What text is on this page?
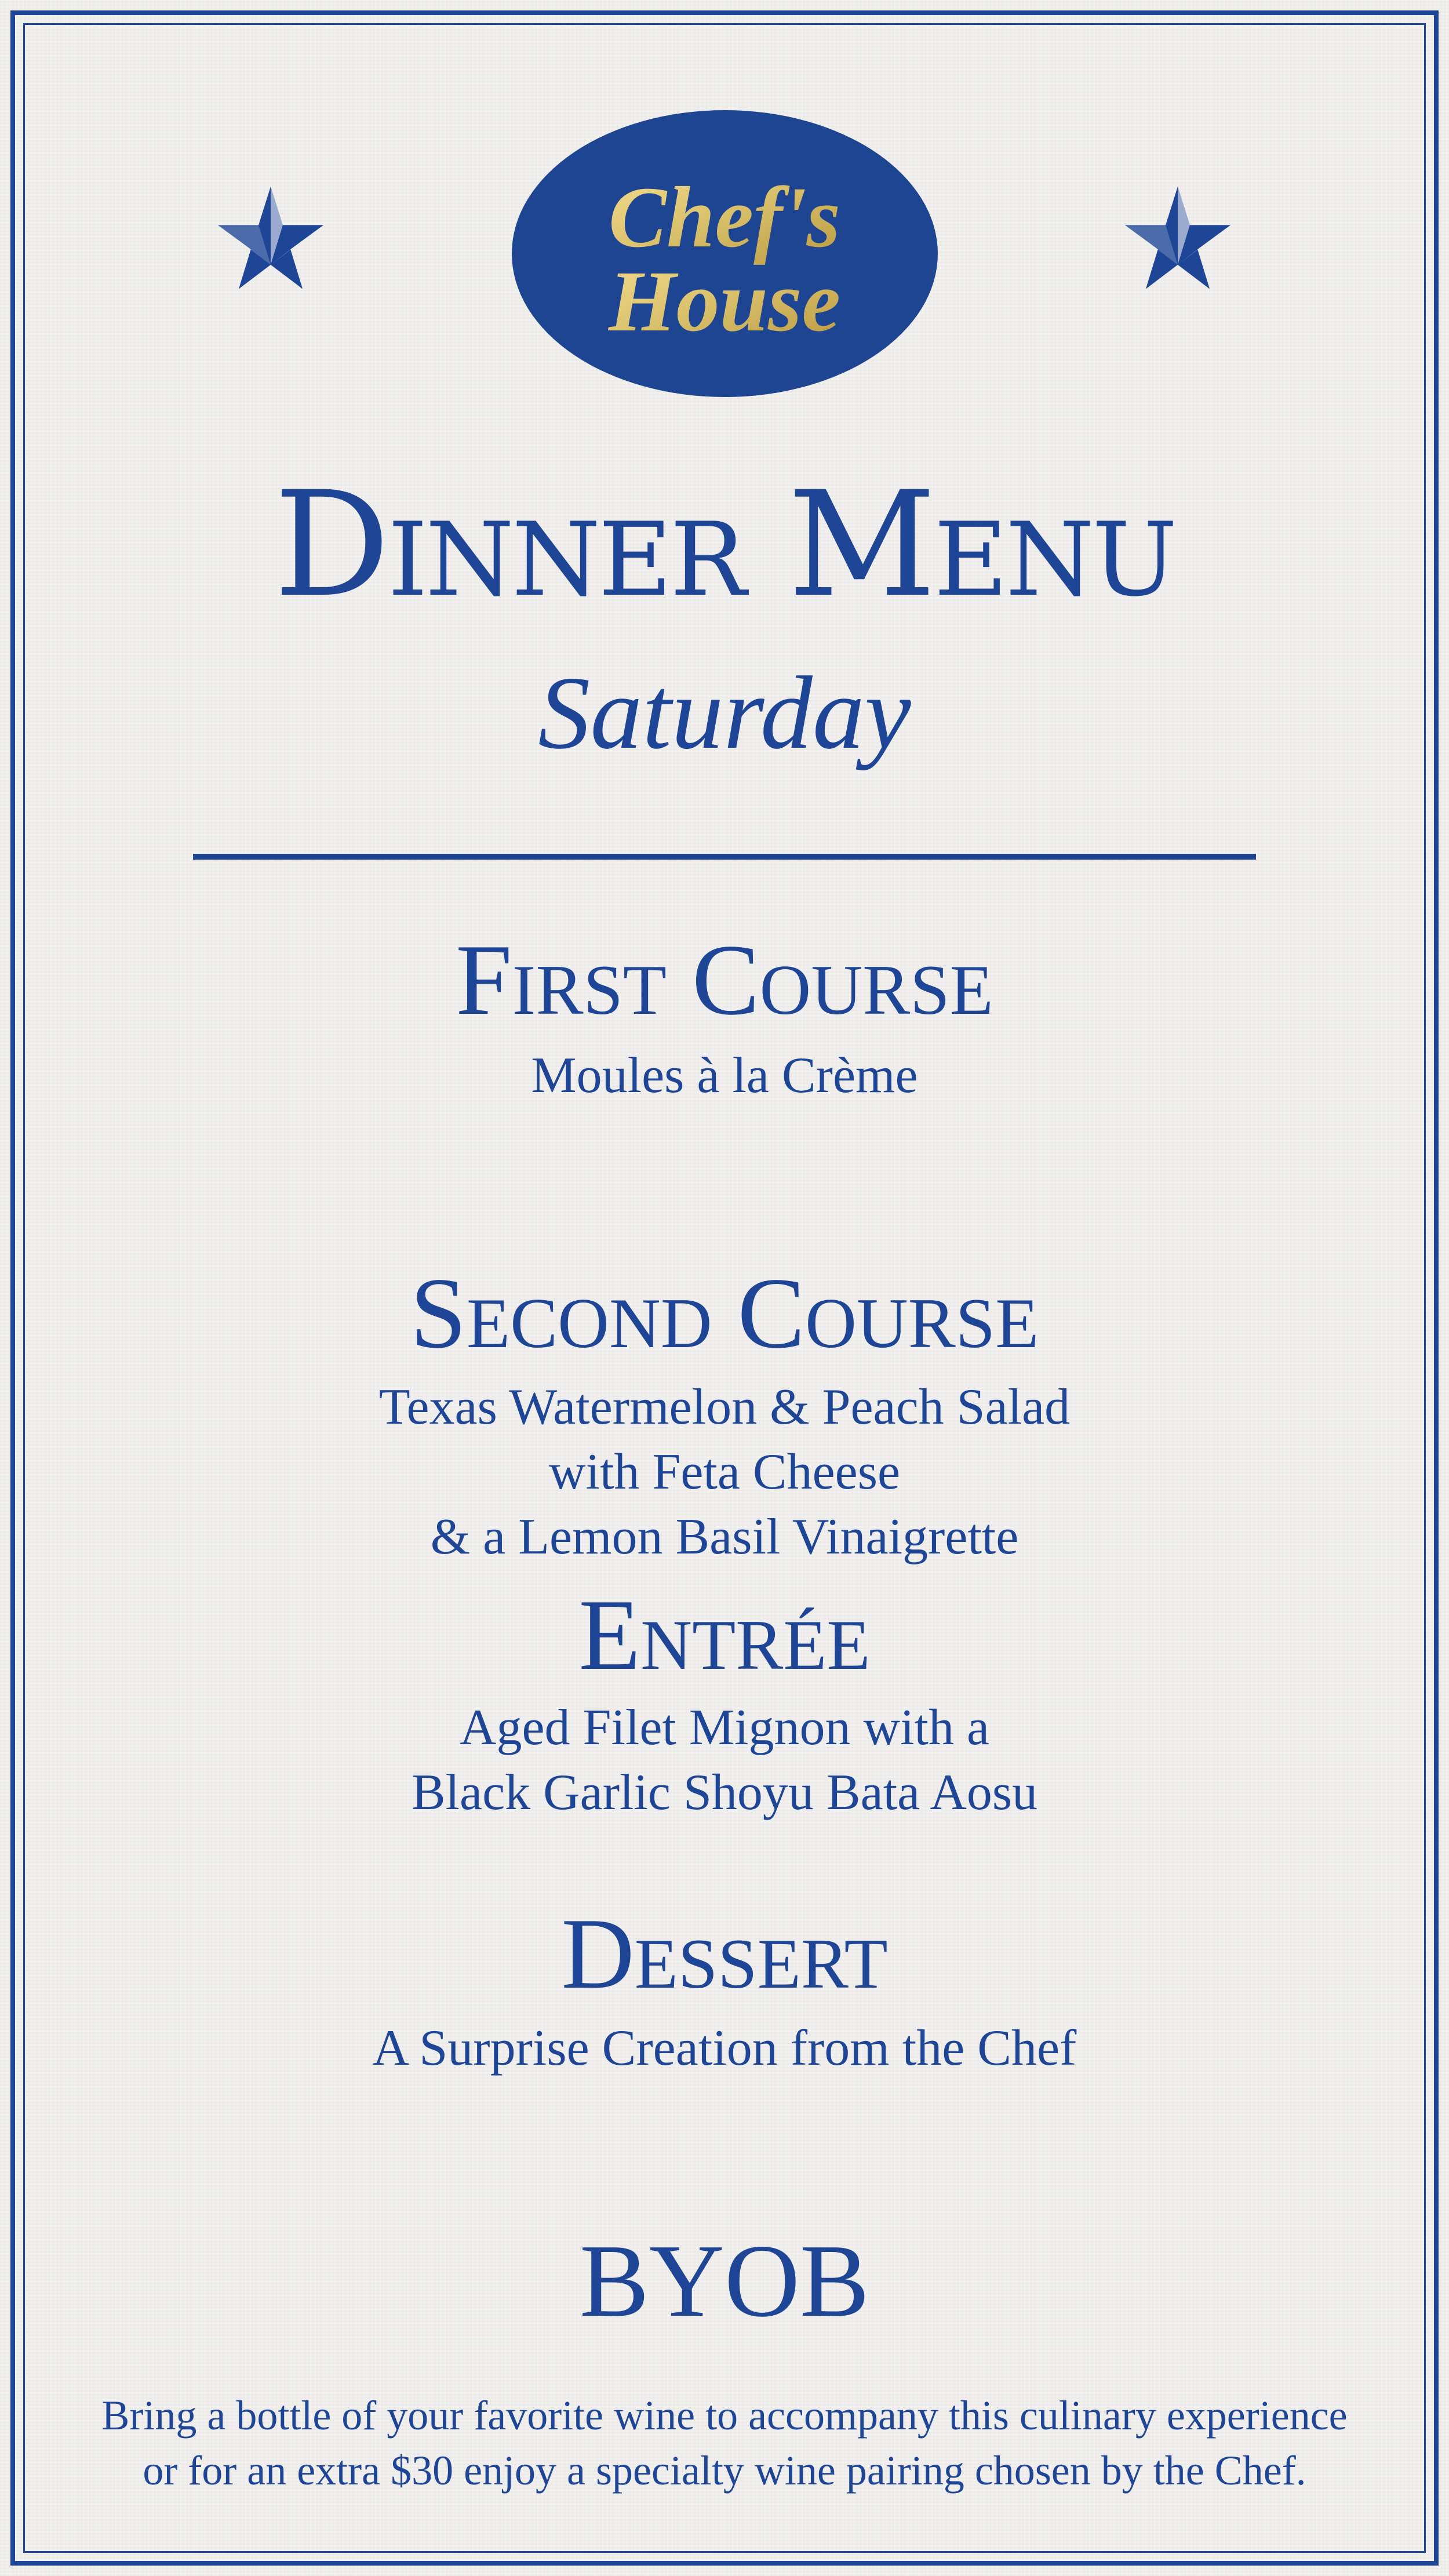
Chef's
House
Dinner Menu
Saturday
First Course
Moules à la Crème
Second Course
Texas Watermelon & Peach Salad
with Feta Cheese
& a Lemon Basil Vinaigrette
Entrée
Aged Filet Mignon with a
Black Garlic Shoyu Bata Aosu
Dessert
A Surprise Creation from the Chef
BYOB
Bring a bottle of your favorite wine to accompany this culinary experience
or for an extra $30 enjoy a specialty wine pairing chosen by the Chef.
